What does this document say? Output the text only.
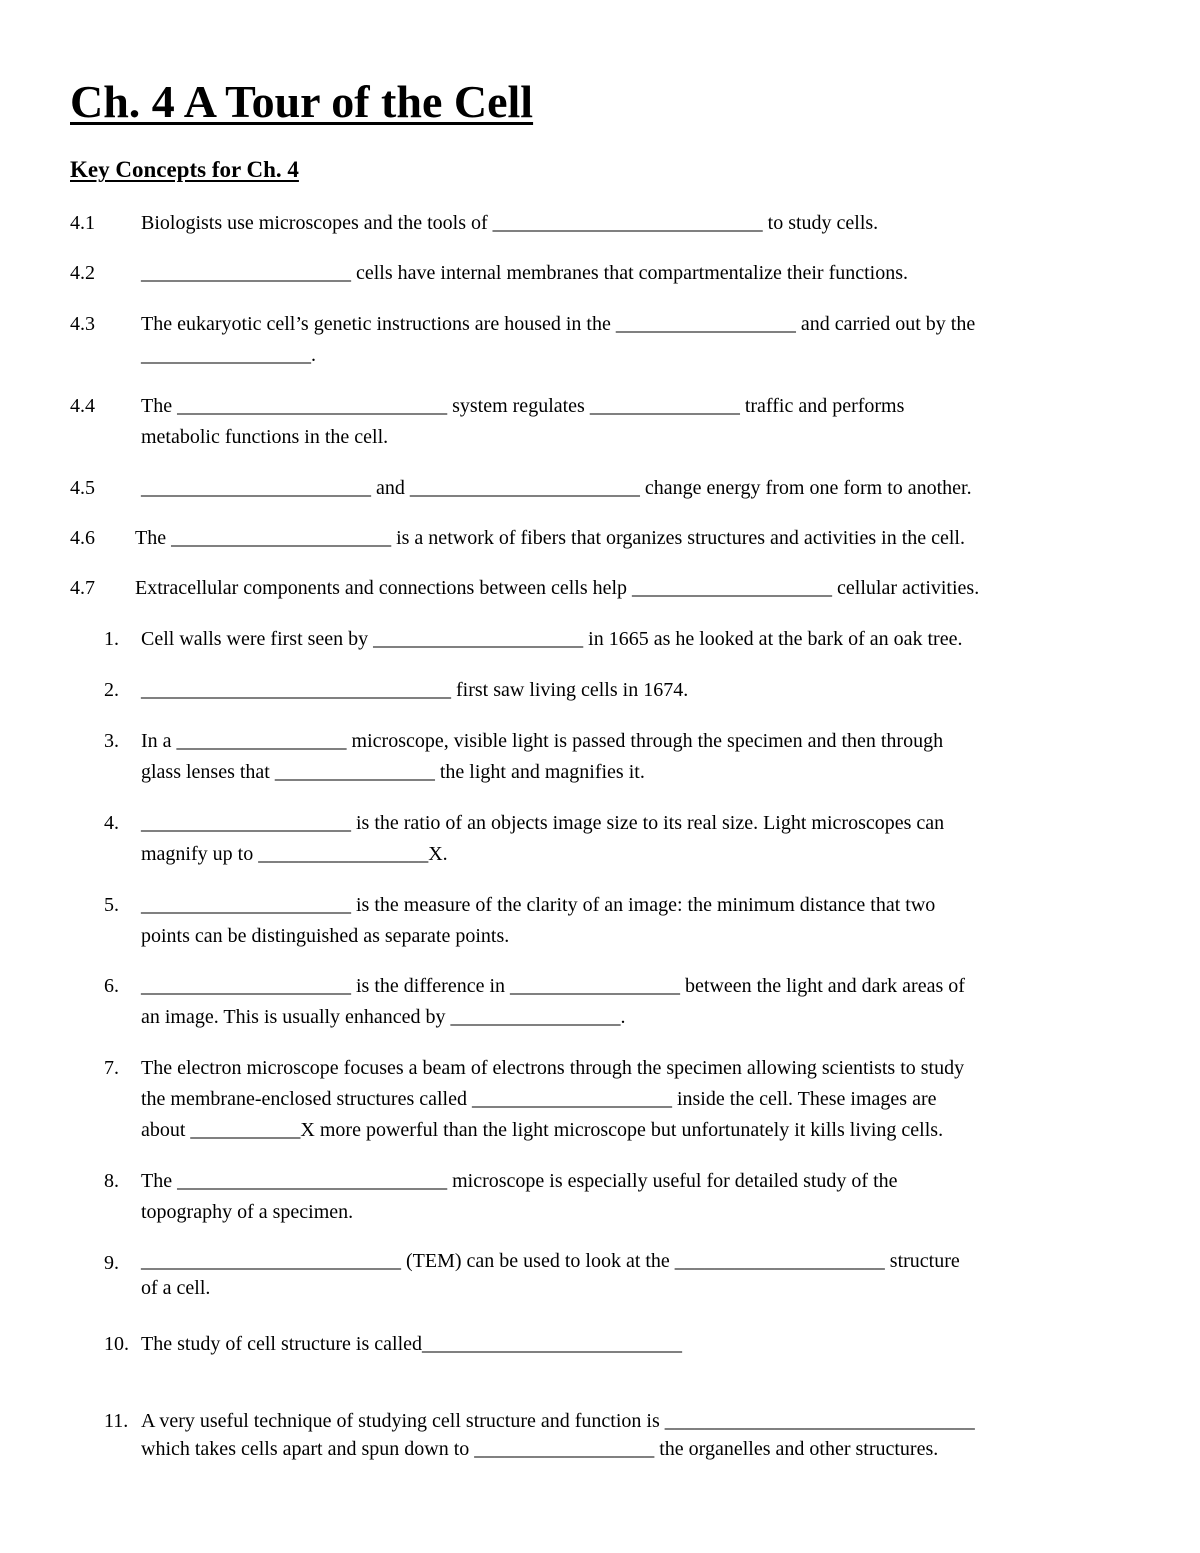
Ch. 4 A Tour of the Cell
Key Concepts for Ch. 4
4.1 Biologists use microscopes and the tools of ___________________________ to study cells.
4.2 _____________________ cells have internal membranes that compartmentalize their functions.
4.3 The eukaryotic cell’s genetic instructions are housed in the __________________ and carried out by the
_________________.
4.4 The ___________________________ system regulates _______________ traffic and performs
metabolic functions in the cell.
4.5 _______________________ and _______________________ change energy from one form to another.
4.6 The ______________________ is a network of fibers that organizes structures and activities in the cell.
4.7 Extracellular components and connections between cells help ____________________ cellular activities.
1. Cell walls were first seen by _____________________ in 1665 as he looked at the bark of an oak tree.
2. _______________________________ first saw living cells in 1674.
3. In a _________________ microscope, visible light is passed through the specimen and then through
glass lenses that ________________ the light and magnifies it.
4. _____________________ is the ratio of an objects image size to its real size. Light microscopes can
magnify up to _________________X.
5. _____________________ is the measure of the clarity of an image: the minimum distance that two
points can be distinguished as separate points.
6. _____________________ is the difference in _________________ between the light and dark areas of
an image. This is usually enhanced by _________________.
7. The electron microscope focuses a beam of electrons through the specimen allowing scientists to study
the membrane-enclosed structures called ____________________ inside the cell. These images are
about ___________X more powerful than the light microscope but unfortunately it kills living cells.
8. The ___________________________ microscope is especially useful for detailed study of the
topography of a specimen.
9. __________________________ (TEM) can be used to look at the _____________________ structure
of a cell.
10. The study of cell structure is called__________________________
11. A very useful technique of studying cell structure and function is _______________________________
which takes cells apart and spun down to __________________ the organelles and other structures.
